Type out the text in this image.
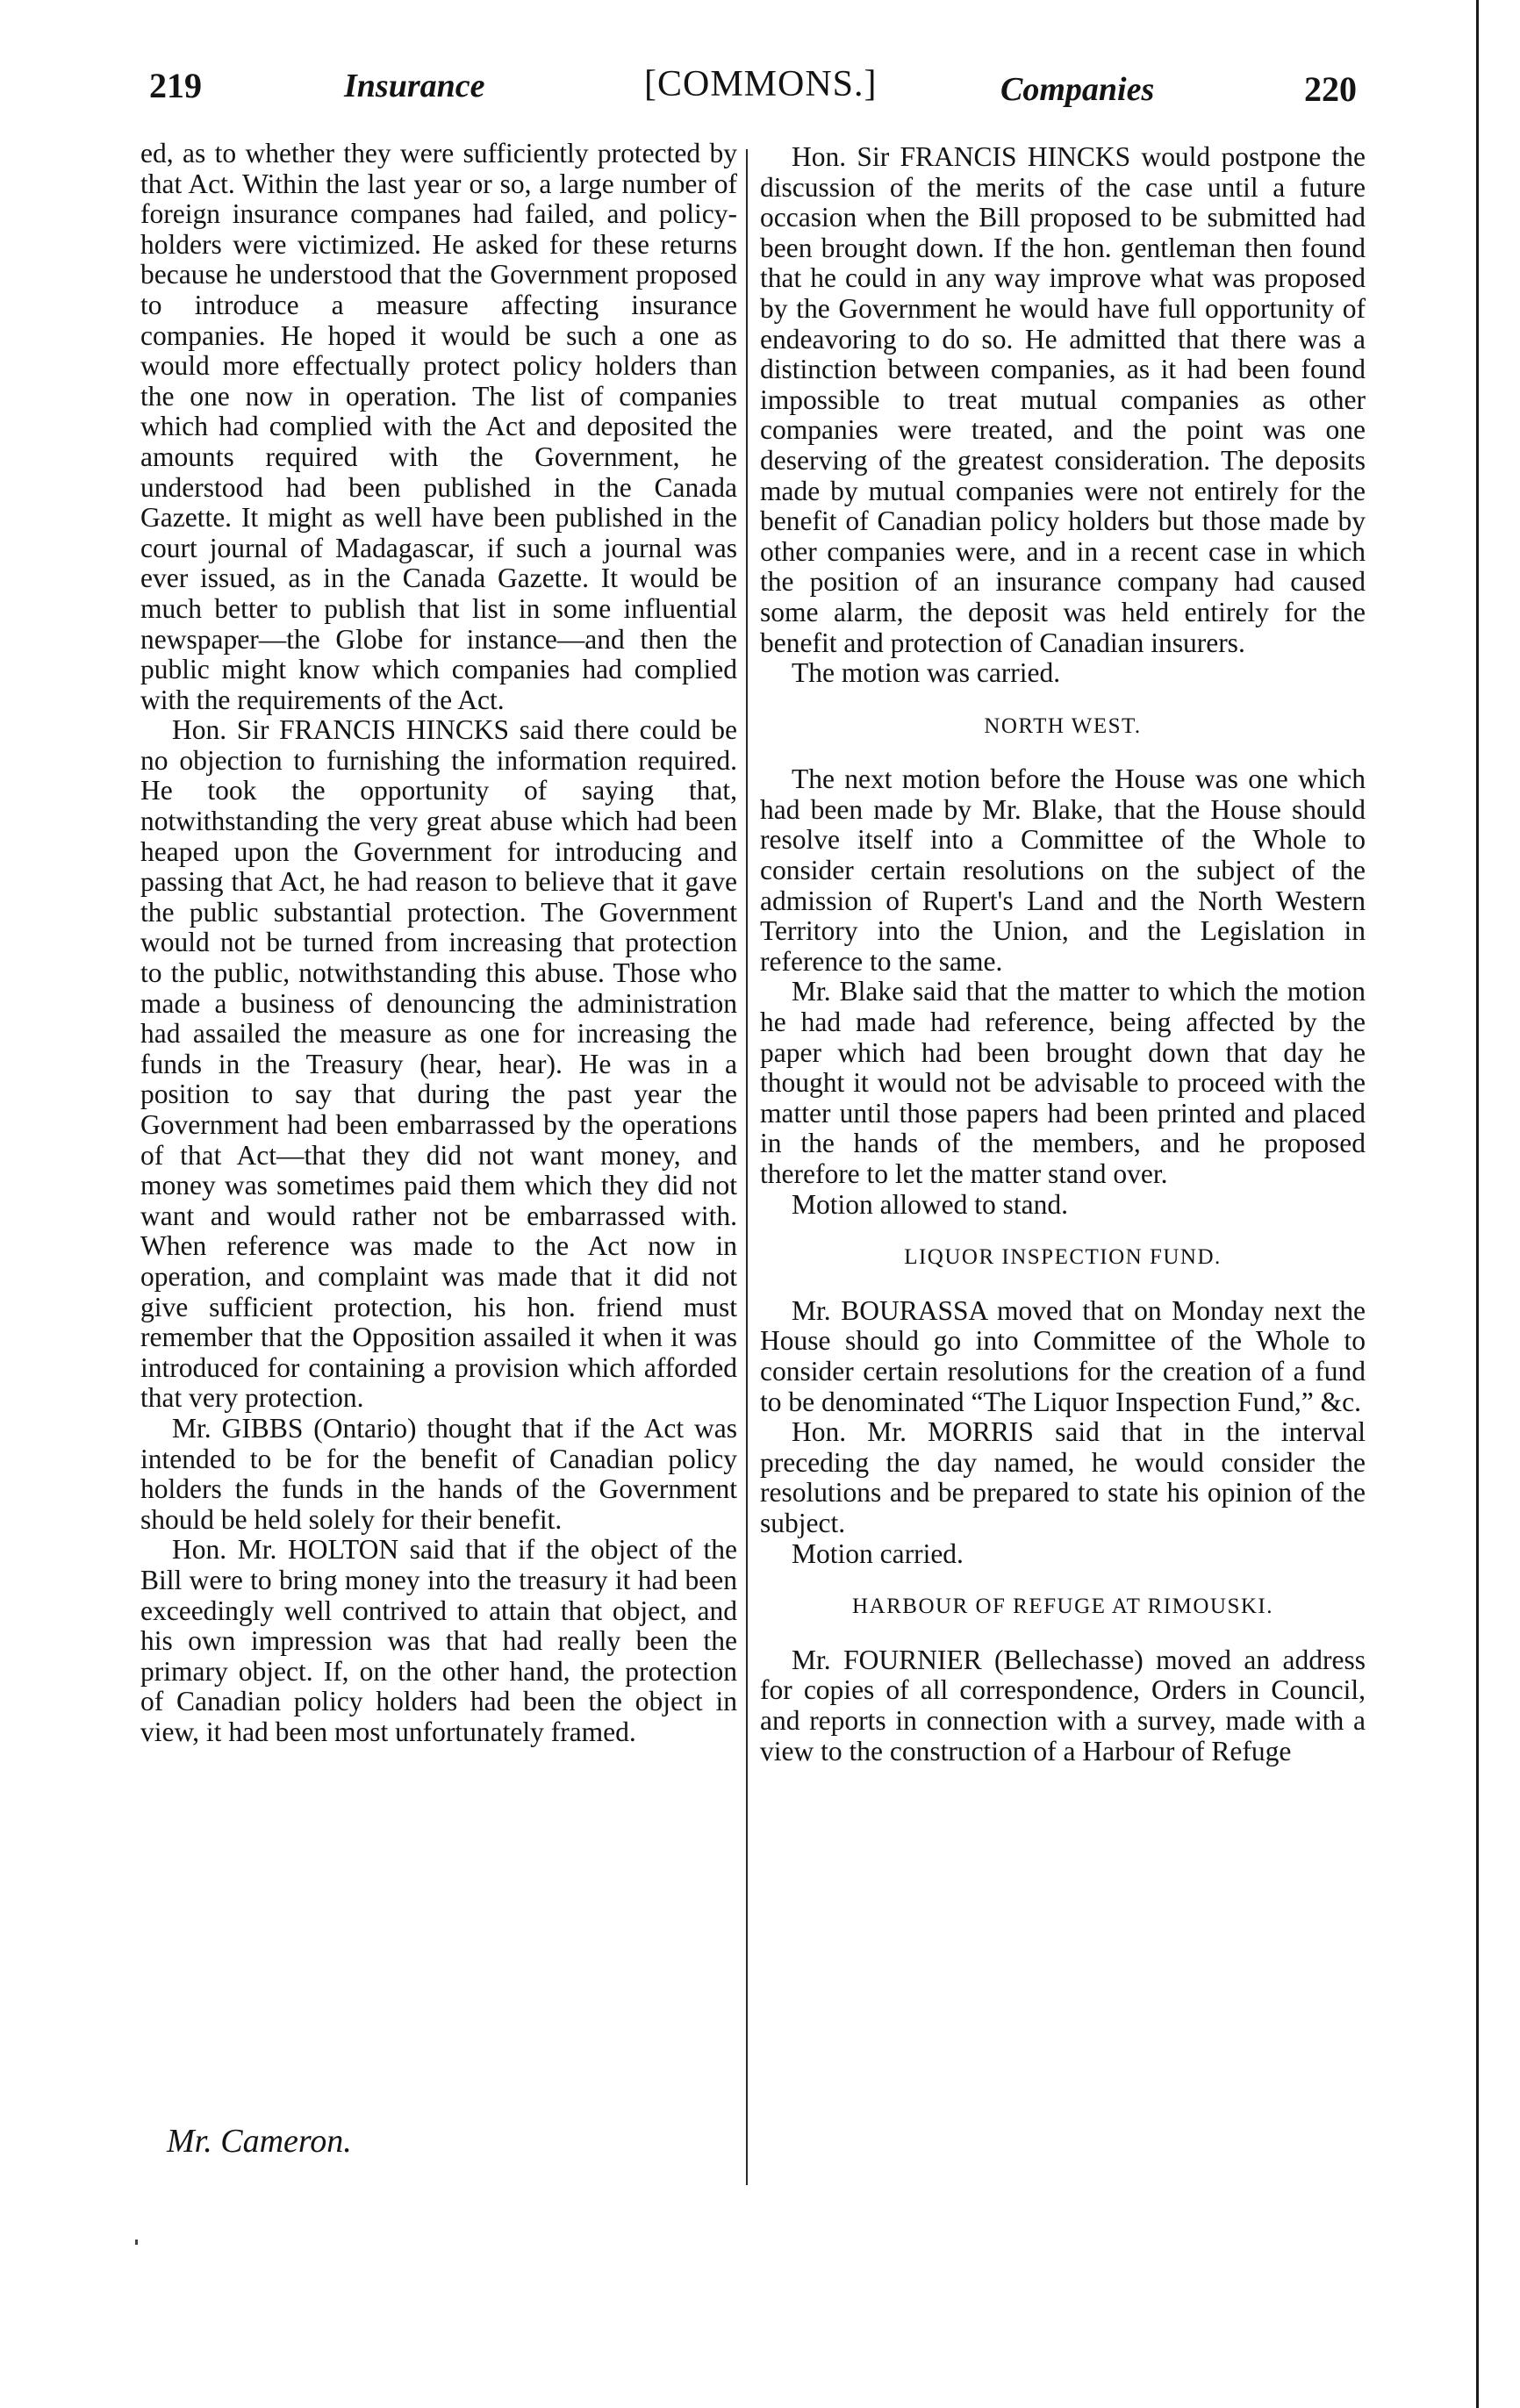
219	Insurance	[COMMONS.]	Companies	220

ed, as to whether they were sufficiently protected by that Act. Within the last year or so, a large number of foreign insurance companes had failed, and policy-holders were victimized. He asked for these returns because he understood that the Government proposed to introduce a measure affecting insurance companies. He hoped it would be such a one as would more effectually protect policy holders than the one now in operation. The list of companies which had complied with the Act and deposited the amounts required with the Government, he understood had been published in the Canada Gazette. It might as well have been published in the court journal of Madagascar, if such a journal was ever issued, as in the Canada Gazette. It would be much better to publish that list in some influential newspaper—the Globe for instance—and then the public might know which companies had complied with the requirements of the Act.

Hon. Sir FRANCIS HINCKS said there could be no objection to furnishing the information required. He took the opportunity of saying that, notwithstanding the very great abuse which had been heaped upon the Government for introducing and passing that Act, he had reason to believe that it gave the public substantial protection. The Government would not be turned from increasing that protection to the public, notwithstanding this abuse. Those who made a business of denouncing the administration had assailed the measure as one for increasing the funds in the Treasury (hear, hear). He was in a position to say that during the past year the Government had been embarrassed by the operations of that Act—that they did not want money, and money was sometimes paid them which they did not want and would rather not be embarrassed with. When reference was made to the Act now in operation, and complaint was made that it did not give sufficient protection, his hon. friend must remember that the Opposition assailed it when it was introduced for containing a provision which afforded that very protection.

Mr. GIBBS (Ontario) thought that if the Act was intended to be for the benefit of Canadian policy holders the funds in the hands of the Government should be held solely for their benefit.

Hon. Mr. HOLTON said that if the object of the Bill were to bring money into the treasury it had been exceedingly well contrived to attain that object, and his own impression was that had really been the primary object. If, on the other hand, the protection of Canadian policy holders had been the object in view, it had been most unfortunately framed.

Hon. Sir FRANCIS HINCKS would postpone the discussion of the merits of the case until a future occasion when the Bill proposed to be submitted had been brought down. If the hon. gentleman then found that he could in any way improve what was proposed by the Government he would have full opportunity of endeavoring to do so. He admitted that there was a distinction between companies, as it had been found impossible to treat mutual companies as other companies were treated, and the point was one deserving of the greatest consideration. The deposits made by mutual companies were not entirely for the benefit of Canadian policy holders but those made by other companies were, and in a recent case in which the position of an insurance company had caused some alarm, the deposit was held entirely for the benefit and protection of Canadian insurers.

The motion was carried.

NORTH WEST.

The next motion before the House was one which had been made by Mr. Blake, that the House should resolve itself into a Committee of the Whole to consider certain resolutions on the subject of the admission of Rupert's Land and the North Western Territory into the Union, and the Legislation in reference to the same.

Mr. Blake said that the matter to which the motion he had made had reference, being affected by the paper which had been brought down that day he thought it would not be advisable to proceed with the matter until those papers had been printed and placed in the hands of the members, and he proposed therefore to let the matter stand over.

Motion allowed to stand.

LIQUOR INSPECTION FUND.

Mr. BOURASSA moved that on Monday next the House should go into Committee of the Whole to consider certain resolutions for the creation of a fund to be denominated “The Liquor Inspection Fund,” &c.

Hon. Mr. MORRIS said that in the interval preceding the day named, he would consider the resolutions and be prepared to state his opinion of the subject.

Motion carried.

HARBOUR OF REFUGE AT RIMOUSKI.

Mr. FOURNIER (Bellechasse) moved an address for copies of all correspondence, Orders in Council, and reports in connection with a survey, made with a view to the construction of a Harbour of Refuge

Mr. Cameron.
